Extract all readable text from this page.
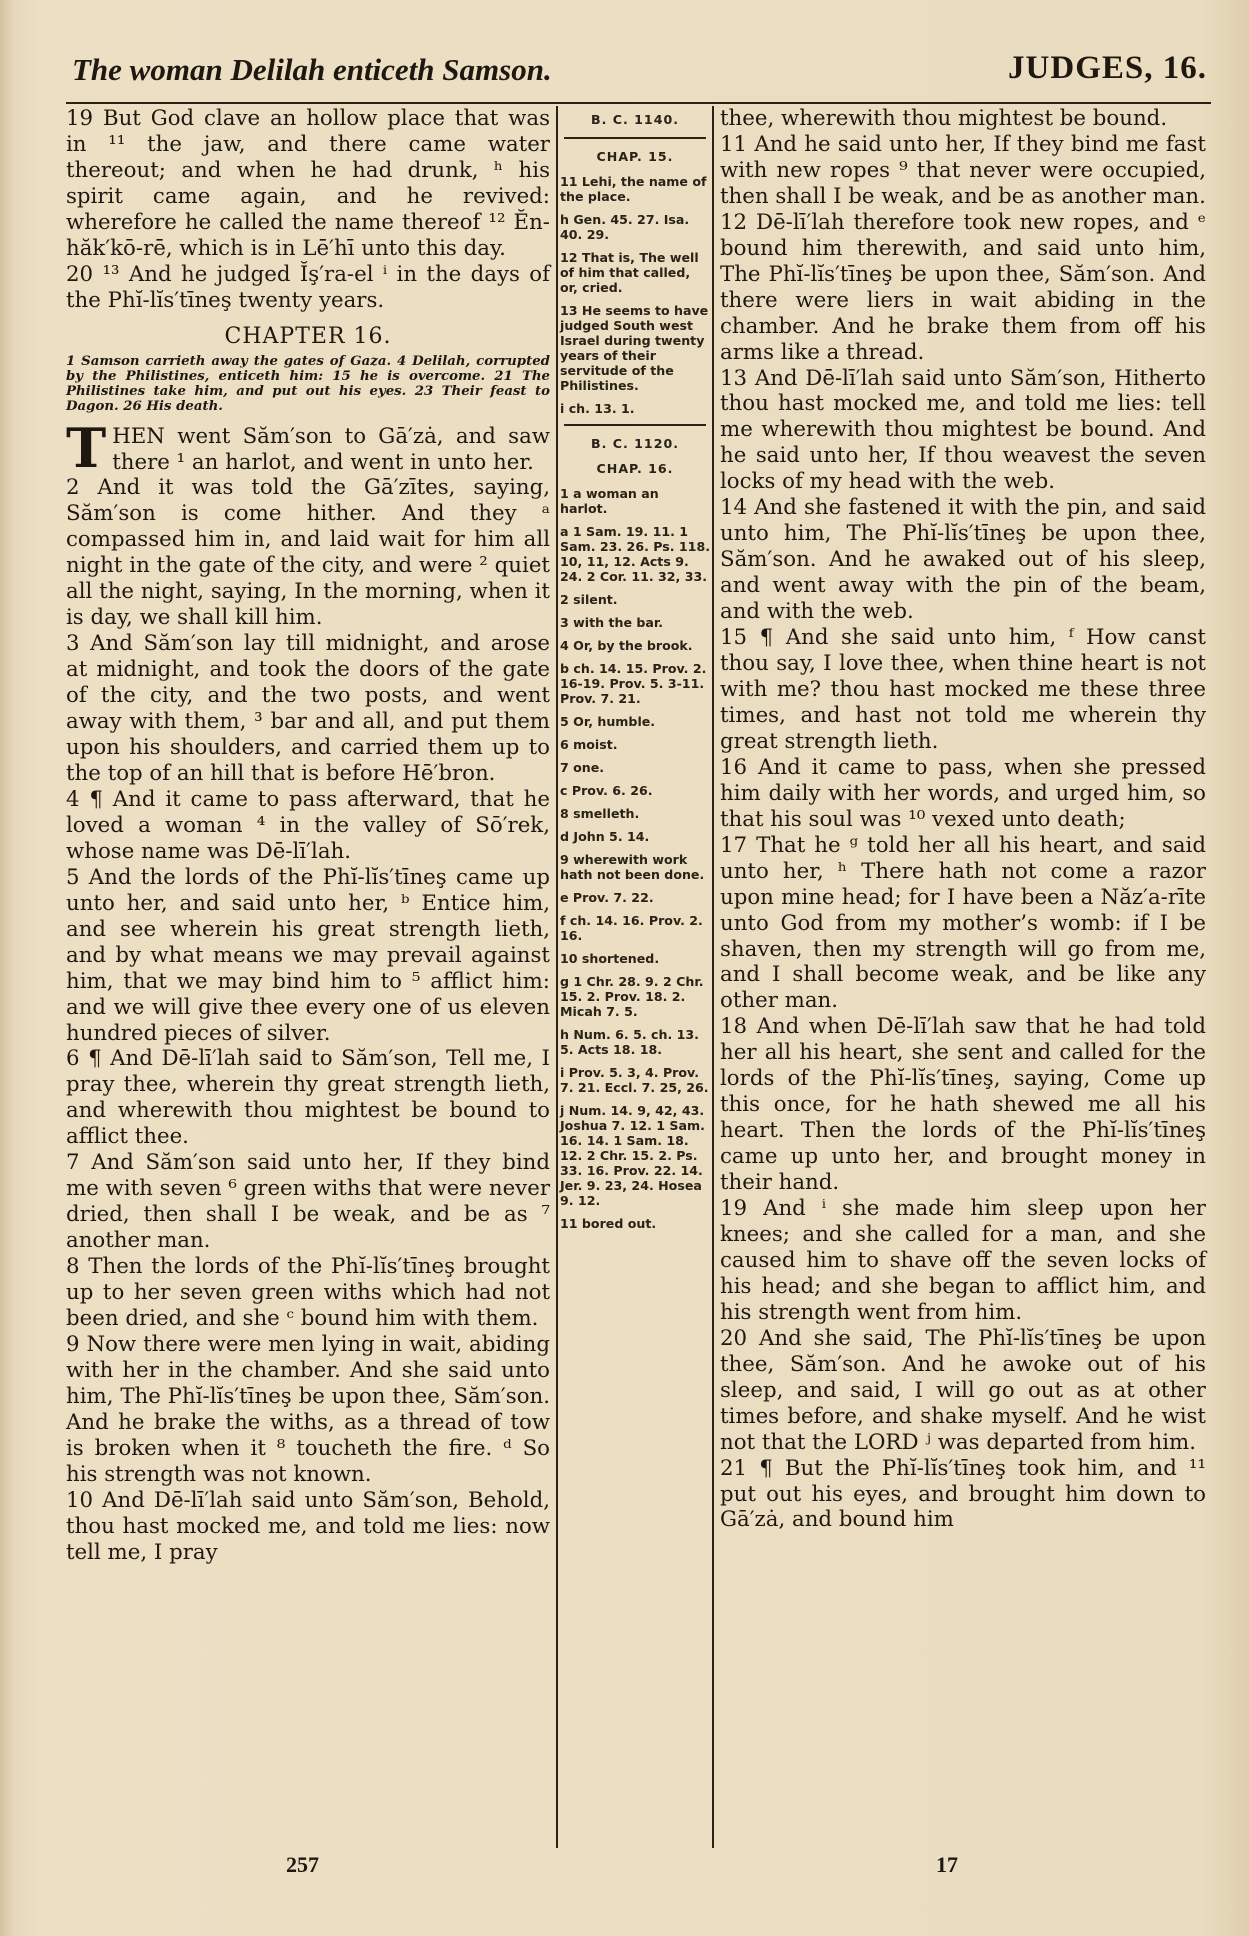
The woman Delilah enticeth Samson.	JUDGES, 16.

19 But God clave an hollow place that was in ¹¹ the jaw, and there came water thereout; and when he had drunk, ʰ his spirit came again, and he revived: wherefore he called the name thereof ¹² Ĕn-hăk′kō-rē, which is in Lē′hī unto this day.

20 ¹³ And he judged Ĭş′ra-el ⁱ in the days of the Phĭ-lĭs′tīneş twenty years.

CHAPTER 16.
1 Samson carrieth away the gates of Gaza. 4 Delilah, corrupted by the Philistines, enticeth him: 15 he is overcome. 21 The Philistines take him, and put out his eyes. 23 Their feast to Dagon. 26 His death.

THEN went Săm′son to Gā′zȧ, and saw there ¹ an harlot, and went in unto her.

2 And it was told the Gā′zītes, saying, Săm′son is come hither. And they ᵃ compassed him in, and laid wait for him all night in the gate of the city, and were ² quiet all the night, saying, In the morning, when it is day, we shall kill him.

3 And Săm′son lay till midnight, and arose at midnight, and took the doors of the gate of the city, and the two posts, and went away with them, ³ bar and all, and put them upon his shoulders, and carried them up to the top of an hill that is before Hē′bron.

4 ¶ And it came to pass afterward, that he loved a woman ⁴ in the valley of Sō′rek, whose name was Dē-lī′lah.

5 And the lords of the Phĭ-lĭs′tīneş came up unto her, and said unto her, ᵇ Entice him, and see wherein his great strength lieth, and by what means we may prevail against him, that we may bind him to ⁵ afflict him: and we will give thee every one of us eleven hundred pieces of silver.

6 ¶ And Dē-lī′lah said to Săm′son, Tell me, I pray thee, wherein thy great strength lieth, and wherewith thou mightest be bound to afflict thee.

7 And Săm′son said unto her, If they bind me with seven ⁶ green withs that were never dried, then shall I be weak, and be as ⁷ another man.

8 Then the lords of the Phĭ-lĭs′tīneş brought up to her seven green withs which had not been dried, and she ᶜ bound him with them.

9 Now there were men lying in wait, abiding with her in the chamber. And she said unto him, The Phĭ-lĭs′tīneş be upon thee, Săm′son. And he brake the withs, as a thread of tow is broken when it ⁸ toucheth the fire. ᵈ So his strength was not known.

10 And Dē-lī′lah said unto Săm′son, Behold, thou hast mocked me, and told me lies: now tell me, I pray

B. C. 1140.
CHAP. 15.
11 Lehi, the name of the place.
h Gen. 45. 27. Isa. 40. 29.
12 That is, The well of him that called, or, cried.
13 He seems to have judged South west Israel during twenty years of their servitude of the Philistines.
i ch. 13. 1.
B. C. 1120.
CHAP. 16.
1 a woman an harlot.
a 1 Sam. 19. 11. 1 Sam. 23. 26. Ps. 118. 10, 11, 12. Acts 9. 24. 2 Cor. 11. 32, 33.
2 silent.
3 with the bar.
4 Or, by the brook.
b ch. 14. 15. Prov. 2. 16-19. Prov. 5. 3-11. Prov. 7. 21.
5 Or, humble.
6 moist.
7 one.
c Prov. 6. 26.
8 smelleth.
d John 5. 14.
9 wherewith work hath not been done.
e Prov. 7. 22.
f ch. 14. 16. Prov. 2. 16.
10 shortened.
g 1 Chr. 28. 9. 2 Chr. 15. 2. Prov. 18. 2. Micah 7. 5.
h Num. 6. 5. ch. 13. 5. Acts 18. 18.
i Prov. 5. 3, 4. Prov. 7. 21. Eccl. 7. 25, 26.
j Num. 14. 9, 42, 43. Joshua 7. 12. 1 Sam. 16. 14. 1 Sam. 18. 12. 2 Chr. 15. 2. Ps. 33. 16. Prov. 22. 14. Jer. 9. 23, 24. Hosea 9. 12.
11 bored out.

thee, wherewith thou mightest be bound.

11 And he said unto her, If they bind me fast with new ropes ⁹ that never were occupied, then shall I be weak, and be as another man.

12 Dē-lī′lah therefore took new ropes, and ᵉ bound him therewith, and said unto him, The Phĭ-lĭs′tīneş be upon thee, Săm′son. And there were liers in wait abiding in the chamber. And he brake them from off his arms like a thread.

13 And Dē-lī′lah said unto Săm′son, Hitherto thou hast mocked me, and told me lies: tell me wherewith thou mightest be bound. And he said unto her, If thou weavest the seven locks of my head with the web.

14 And she fastened it with the pin, and said unto him, The Phĭ-lĭs′tīneş be upon thee, Săm′son. And he awaked out of his sleep, and went away with the pin of the beam, and with the web.

15 ¶ And she said unto him, ᶠ How canst thou say, I love thee, when thine heart is not with me? thou hast mocked me these three times, and hast not told me wherein thy great strength lieth.

16 And it came to pass, when she pressed him daily with her words, and urged him, so that his soul was ¹⁰ vexed unto death;

17 That he ᵍ told her all his heart, and said unto her, ʰ There hath not come a razor upon mine head; for I have been a Năz′a-rīte unto God from my mother’s womb: if I be shaven, then my strength will go from me, and I shall become weak, and be like any other man.

18 And when Dē-lī′lah saw that he had told her all his heart, she sent and called for the lords of the Phĭ-lĭs′tīneş, saying, Come up this once, for he hath shewed me all his heart. Then the lords of the Phĭ-lĭs′tīneş came up unto her, and brought money in their hand.

19 And ⁱ she made him sleep upon her knees; and she called for a man, and she caused him to shave off the seven locks of his head; and she began to afflict him, and his strength went from him.

20 And she said, The Phĭ-lĭs′tīneş be upon thee, Săm′son. And he awoke out of his sleep, and said, I will go out as at other times before, and shake myself. And he wist not that the LORD ʲ was departed from him.

21 ¶ But the Phĭ-lĭs′tīneş took him, and ¹¹ put out his eyes, and brought him down to Gā′zȧ, and bound him

257	17
